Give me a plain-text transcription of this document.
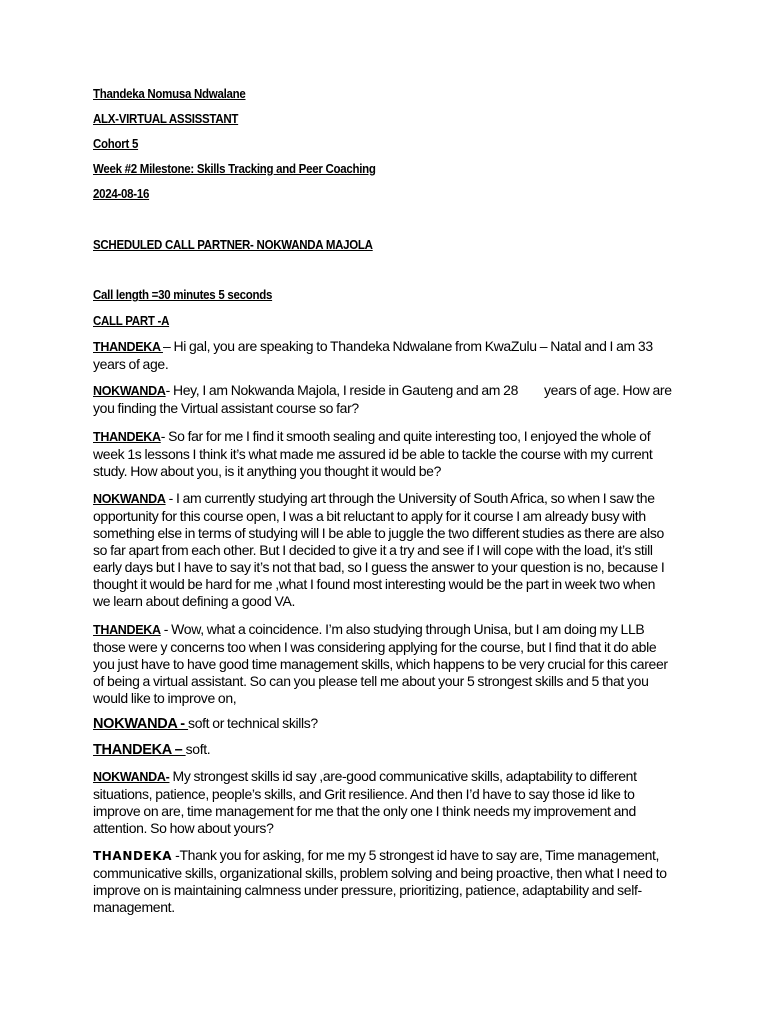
Thandeka Nomusa Ndwalane
ALX-VIRTUAL ASSISSTANT
Cohort 5
Week #2 Milestone: Skills Tracking and Peer Coaching
2024-08-16
SCHEDULED CALL PARTNER- NOKWANDA MAJOLA
Call length =30 minutes 5 seconds
CALL PART -A

THANDEKA – Hi gal, you are speaking to Thandeka Ndwalane from KwaZulu – Natal and I am 33 years of age.

NOKWANDA- Hey, I am Nokwanda Majola, I reside in Gauteng and am 28 years of age. How are you finding the Virtual assistant course so far?

THANDEKA- So far for me I find it smooth sealing and quite interesting too, I enjoyed the whole of week 1s lessons I think it’s what made me assured id be able to tackle the course with my current study. How about you, is it anything you thought it would be?

NOKWANDA - I am currently studying art through the University of South Africa, so when I saw the opportunity for this course open, I was a bit reluctant to apply for it course I am already busy with something else in terms of studying will I be able to juggle the two different studies as there are also so far apart from each other. But I decided to give it a try and see if I will cope with the load, it’s still early days but I have to say it’s not that bad, so I guess the answer to your question is no, because I thought it would be hard for me ,what I found most interesting would be the part in week two when we learn about defining a good VA.

THANDEKA - Wow, what a coincidence. I’m also studying through Unisa, but I am doing my LLB those were y concerns too when I was considering applying for the course, but I find that it do able you just have to have good time management skills, which happens to be very crucial for this career of being a virtual assistant. So can you please tell me about your 5 strongest skills and 5 that you would like to improve on,

NOKWANDA - soft or technical skills?

THANDEKA – soft.

NOKWANDA- My strongest skills id say ,are-good communicative skills, adaptability to different situations, patience, people’s skills, and Grit resilience. And then I’d have to say those id like to improve on are, time management for me that the only one I think needs my improvement and attention. So how about yours?

THANDEKA -Thank you for asking, for me my 5 strongest id have to say are, Time management, communicative skills, organizational skills, problem solving and being proactive, then what I need to improve on is maintaining calmness under pressure, prioritizing, patience, adaptability and self-management.
